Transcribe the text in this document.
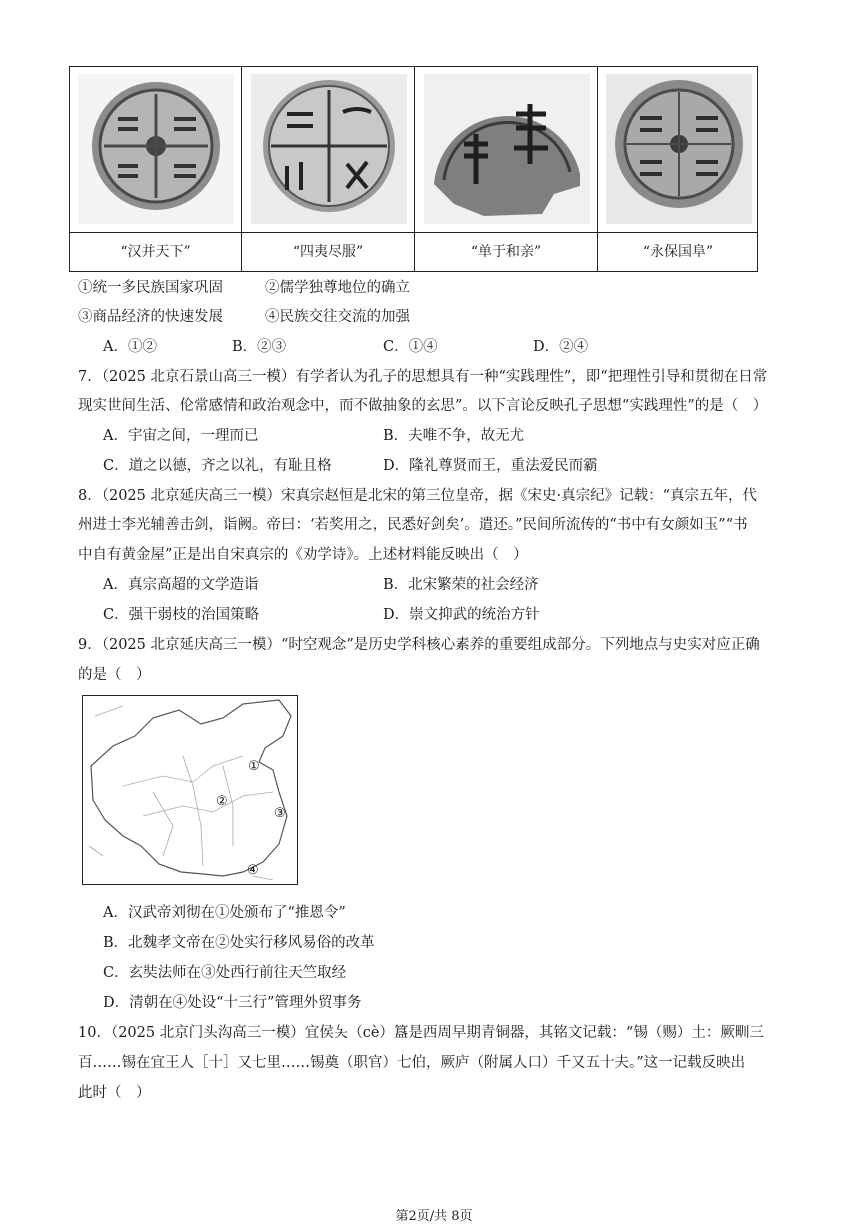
“汉并天下”	“四夷尽服”	“单于和亲”	“永保国阜”
①统一多民族国家巩固	②儒学独尊地位的确立
③商品经济的快速发展	④民族交往交流的加强
A．①②	B．②③	C．①④	D．②④
7．（2025 北京石景山高三一模）有学者认为孔子的思想具有一种“实践理性”，即“把理性引导和贯彻在日常
现实世间生活、伦常感情和政治观念中，而不做抽象的玄思”。以下言论反映孔子思想“实践理性”的是（　）
A．宇宙之间，一理而已	B．夫唯不争，故无尤
C．道之以德，齐之以礼，有耻且格	D．隆礼尊贤而王，重法爱民而霸
8．（2025 北京延庆高三一模）宋真宗赵恒是北宋的第三位皇帝，据《宋史·真宗纪》记载：“真宗五年，代
州进士李光辅善击剑，诣阙。帝曰：‘若奖用之，民悉好剑矣’。遣还。”民间所流传的“书中有女颜如玉”“书
中自有黄金屋”正是出自宋真宗的《劝学诗》。上述材料能反映出（　）
A．真宗高超的文学造诣	B．北宋繁荣的社会经济
C．强干弱枝的治国策略	D．崇文抑武的统治方针
9．（2025 北京延庆高三一模）“时空观念”是历史学科核心素养的重要组成部分。下列地点与史实对应正确
的是（　）
①
②
③
④
A．汉武帝刘彻在①处颁布了“推恩令”
B．北魏孝文帝在②处实行移风易俗的改革
C．玄奘法师在③处西行前往天竺取经
D．清朝在④处设“十三行”管理外贸事务
10．（2025 北京门头沟高三一模）宜侯夨（cè）簋是西周早期青铜器，其铭文记载：“锡（赐）土：厥甽三
百……锡在宜王人［十］又七里……锡奠（职官）七伯，厥庐（附属人口）千又五十夫。”这一记载反映出
此时（　）
第2页/共 8页
